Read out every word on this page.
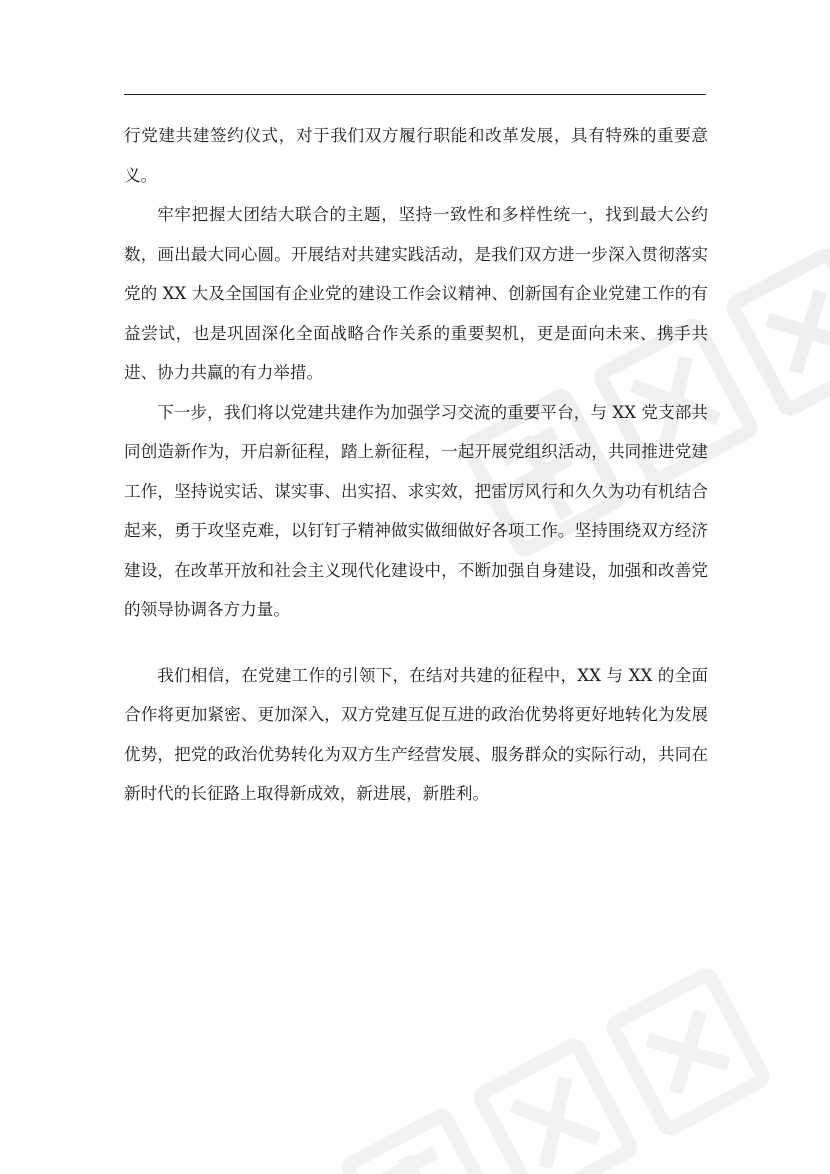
行党建共建签约仪式，对于我们双方履行职能和改革发展，具有特殊的重要意义。

牢牢把握大团结大联合的主题，坚持一致性和多样性统一，找到最大公约数，画出最大同心圆。开展结对共建实践活动，是我们双方进一步深入贯彻落实党的 XX 大及全国国有企业党的建设工作会议精神、创新国有企业党建工作的有益尝试，也是巩固深化全面战略合作关系的重要契机，更是面向未来、携手共进、协力共赢的有力举措。

下一步，我们将以党建共建作为加强学习交流的重要平台，与 XX 党支部共同创造新作为，开启新征程，踏上新征程，一起开展党组织活动，共同推进党建工作，坚持说实话、谋实事、出实招、求实效，把雷厉风行和久久为功有机结合起来，勇于攻坚克难，以钉钉子精神做实做细做好各项工作。坚持围绕双方经济建设，在改革开放和社会主义现代化建设中，不断加强自身建设，加强和改善党的领导协调各方力量。

我们相信，在党建工作的引领下，在结对共建的征程中，XX 与 XX 的全面合作将更加紧密、更加深入，双方党建互促互进的政治优势将更好地转化为发展优势，把党的政治优势转化为双方生产经营发展、服务群众的实际行动，共同在新时代的长征路上取得新成效，新进展，新胜利。
